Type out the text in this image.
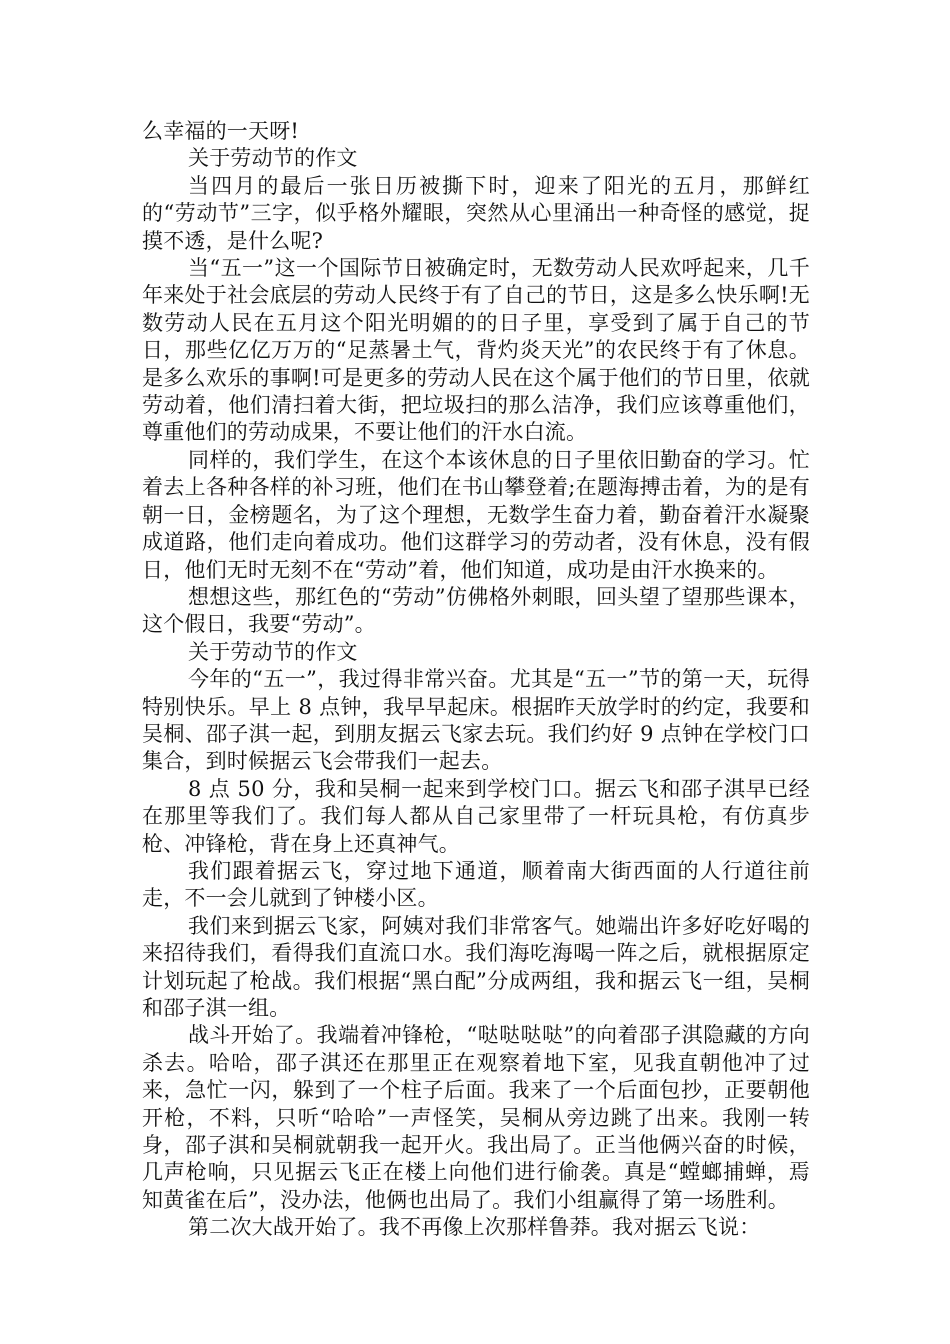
么幸福的一天呀!

关于劳动节的作文

当四月的最后一张日历被撕下时，迎来了阳光的五月，那鲜红的“劳动节”三字，似乎格外耀眼，突然从心里涌出一种奇怪的感觉，捉摸不透，是什么呢?

当“五一”这一个国际节日被确定时，无数劳动人民欢呼起来，几千年来处于社会底层的劳动人民终于有了自己的节日，这是多么快乐啊!无数劳动人民在五月这个阳光明媚的的日子里，享受到了属于自己的节日，那些亿亿万万的“足蒸暑土气，背灼炎天光”的农民终于有了休息。是多么欢乐的事啊!可是更多的劳动人民在这个属于他们的节日里，依就劳动着，他们清扫着大街，把垃圾扫的那么洁净，我们应该尊重他们，尊重他们的劳动成果，不要让他们的汗水白流。

同样的，我们学生，在这个本该休息的日子里依旧勤奋的学习。忙着去上各种各样的补习班，他们在书山攀登着;在题海搏击着，为的是有朝一日，金榜题名，为了这个理想，无数学生奋力着，勤奋着汗水凝聚成道路，他们走向着成功。他们这群学习的劳动者，没有休息，没有假日，他们无时无刻不在“劳动”着，他们知道，成功是由汗水换来的。

想想这些，那红色的“劳动”仿佛格外刺眼，回头望了望那些课本，这个假日，我要“劳动”。

关于劳动节的作文

今年的“五一”，我过得非常兴奋。尤其是“五一”节的第一天，玩得特别快乐。早上 8 点钟，我早早起床。根据昨天放学时的约定，我要和吴桐、邵子淇一起，到朋友据云飞家去玩。我们约好 9 点钟在学校门口集合，到时候据云飞会带我们一起去。

8 点 50 分，我和吴桐一起来到学校门口。据云飞和邵子淇早已经在那里等我们了。我们每人都从自己家里带了一杆玩具枪，有仿真步枪、冲锋枪，背在身上还真神气。

我们跟着据云飞，穿过地下通道，顺着南大街西面的人行道往前走，不一会儿就到了钟楼小区。

我们来到据云飞家，阿姨对我们非常客气。她端出许多好吃好喝的来招待我们，看得我们直流口水。我们海吃海喝一阵之后，就根据原定计划玩起了枪战。我们根据“黑白配”分成两组，我和据云飞一组，吴桐和邵子淇一组。

战斗开始了。我端着冲锋枪，“哒哒哒哒”的向着邵子淇隐藏的方向杀去。哈哈，邵子淇还在那里正在观察着地下室，见我直朝他冲了过来，急忙一闪，躲到了一个柱子后面。我来了一个后面包抄，正要朝他开枪，不料，只听“哈哈”一声怪笑，吴桐从旁边跳了出来。我刚一转身，邵子淇和吴桐就朝我一起开火。我出局了。正当他俩兴奋的时候，几声枪响，只见据云飞正在楼上向他们进行偷袭。真是“螳螂捕蝉，焉知黄雀在后”，没办法，他俩也出局了。我们小组赢得了第一场胜利。

第二次大战开始了。我不再像上次那样鲁莽。我对据云飞说：
